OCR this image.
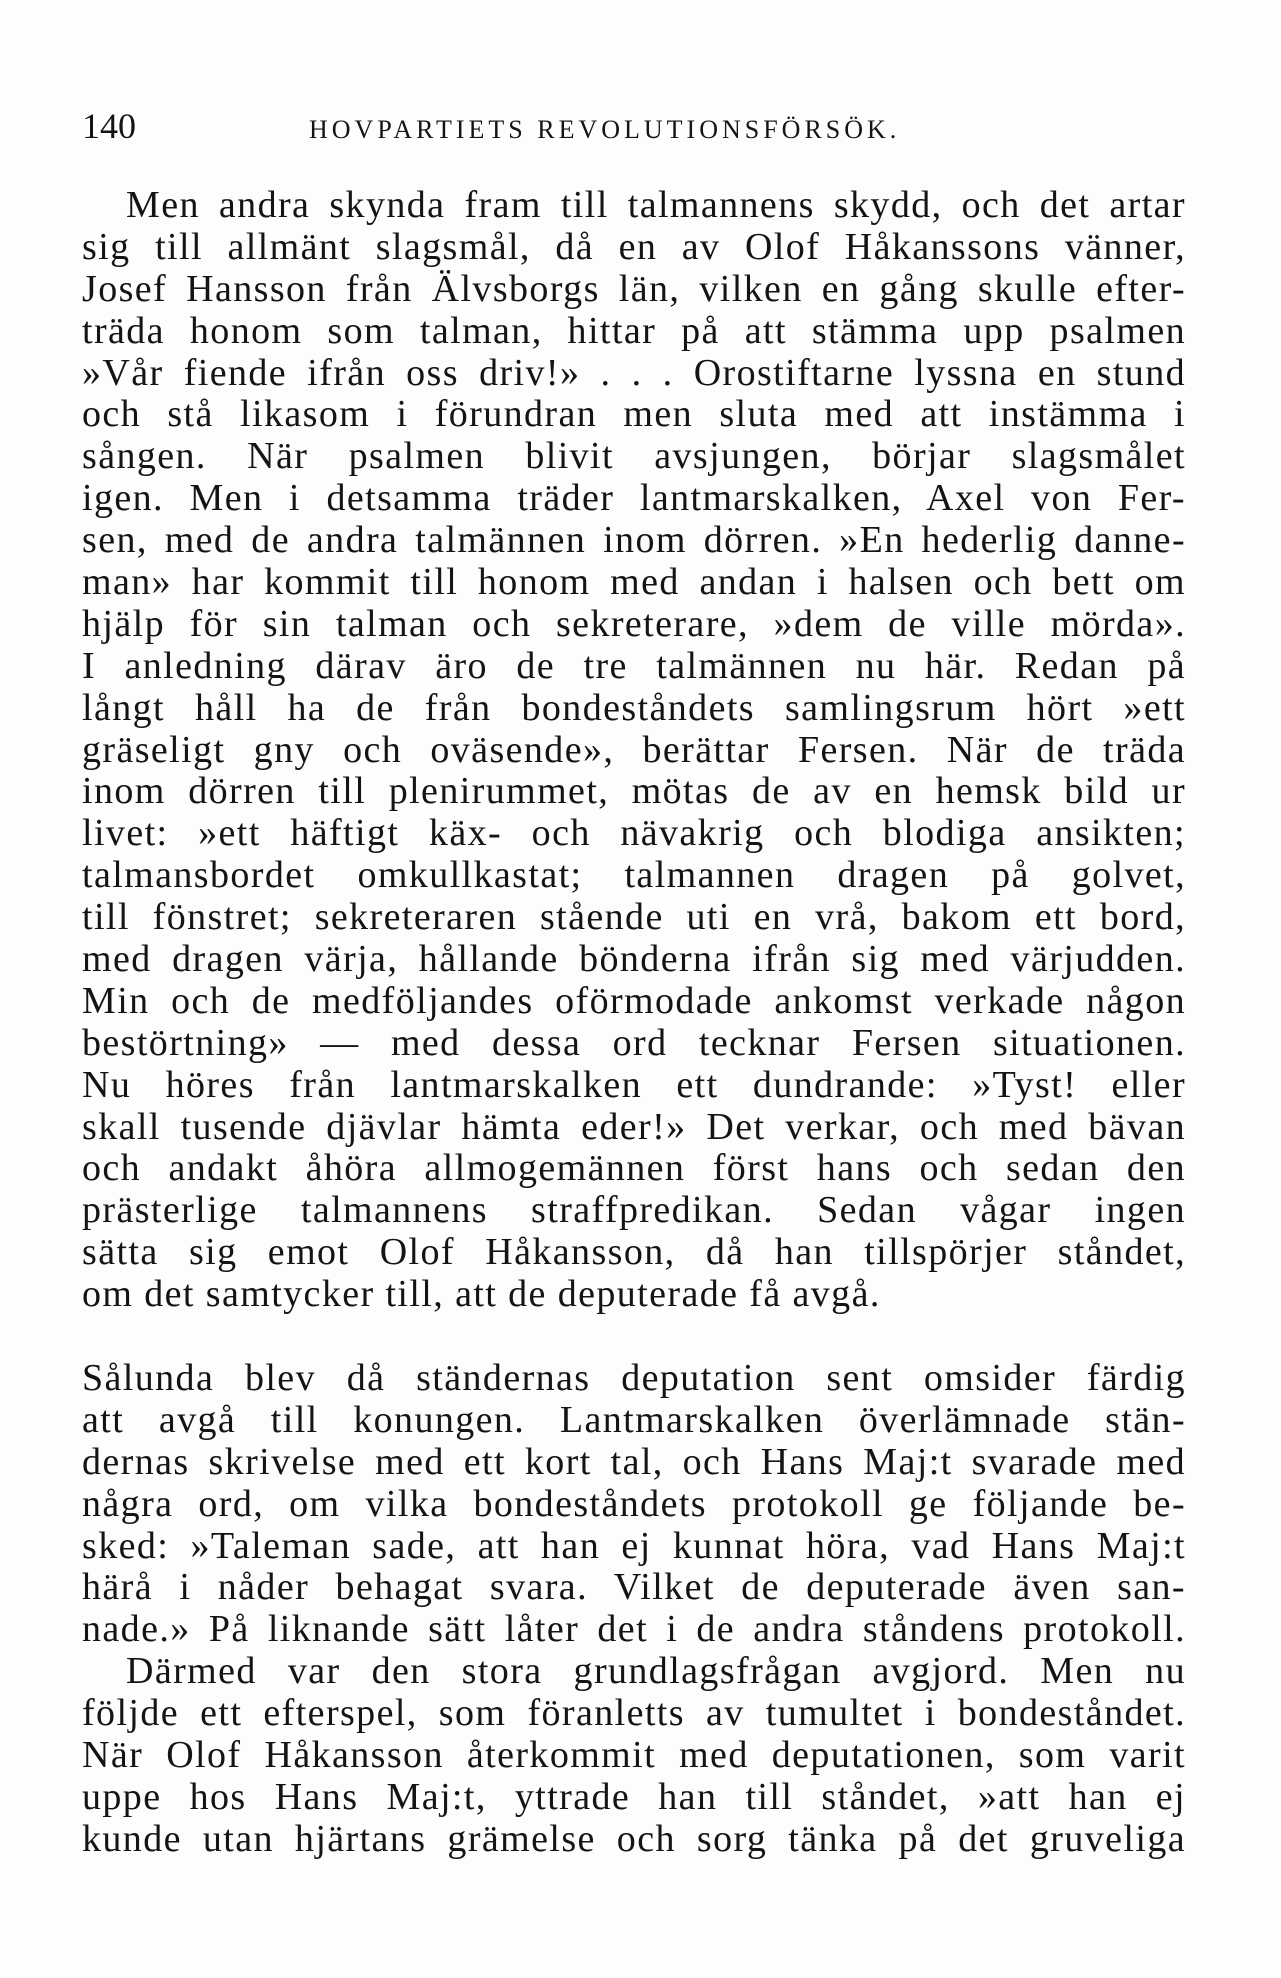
140	HOVPARTIETS REVOLUTIONSFÖRSÖK.
Men andra skynda fram till talmannens skydd, och det artar
sig till allmänt slagsmål, då en av Olof Håkanssons vänner,
Josef Hansson från Älvsborgs län, vilken en gång skulle efter-
träda honom som talman, hittar på att stämma upp psalmen
»Vår fiende ifrån oss driv!» . . . Orostiftarne lyssna en stund
och stå likasom i förundran men sluta med att instämma i
sången. När psalmen blivit avsjungen, börjar slagsmålet
igen. Men i detsamma träder lantmarskalken, Axel von Fer-
sen, med de andra talmännen inom dörren. »En hederlig danne-
man» har kommit till honom med andan i halsen och bett om
hjälp för sin talman och sekreterare, »dem de ville mörda».
I anledning därav äro de tre talmännen nu här. Redan på
långt håll ha de från bondeståndets samlingsrum hört »ett
gräseligt gny och oväsende», berättar Fersen. När de träda
inom dörren till plenirummet, mötas de av en hemsk bild ur
livet: »ett häftigt käx- och nävakrig och blodiga ansikten;
talmansbordet omkullkastat; talmannen dragen på golvet,
till fönstret; sekreteraren stående uti en vrå, bakom ett bord,
med dragen värja, hållande bönderna ifrån sig med värjudden.
Min och de medföljandes oförmodade ankomst verkade någon
bestörtning» — med dessa ord tecknar Fersen situationen.
Nu höres från lantmarskalken ett dundrande: »Tyst! eller
skall tusende djävlar hämta eder!» Det verkar, och med bävan
och andakt åhöra allmogemännen först hans och sedan den
prästerlige talmannens straffpredikan. Sedan vågar ingen
sätta sig emot Olof Håkansson, då han tillspörjer ståndet,
om det samtycker till, att de deputerade få avgå.
Sålunda blev då ständernas deputation sent omsider färdig
att avgå till konungen. Lantmarskalken överlämnade stän-
dernas skrivelse med ett kort tal, och Hans Maj:t svarade med
några ord, om vilka bondeståndets protokoll ge följande be-
sked: »Taleman sade, att han ej kunnat höra, vad Hans Maj:t
härå i nåder behagat svara. Vilket de deputerade även san-
nade.» På liknande sätt låter det i de andra ståndens protokoll.
Därmed var den stora grundlagsfrågan avgjord. Men nu
följde ett efterspel, som föranletts av tumultet i bondeståndet.
När Olof Håkansson återkommit med deputationen, som varit
uppe hos Hans Maj:t, yttrade han till ståndet, »att han ej
kunde utan hjärtans grämelse och sorg tänka på det gruveliga
